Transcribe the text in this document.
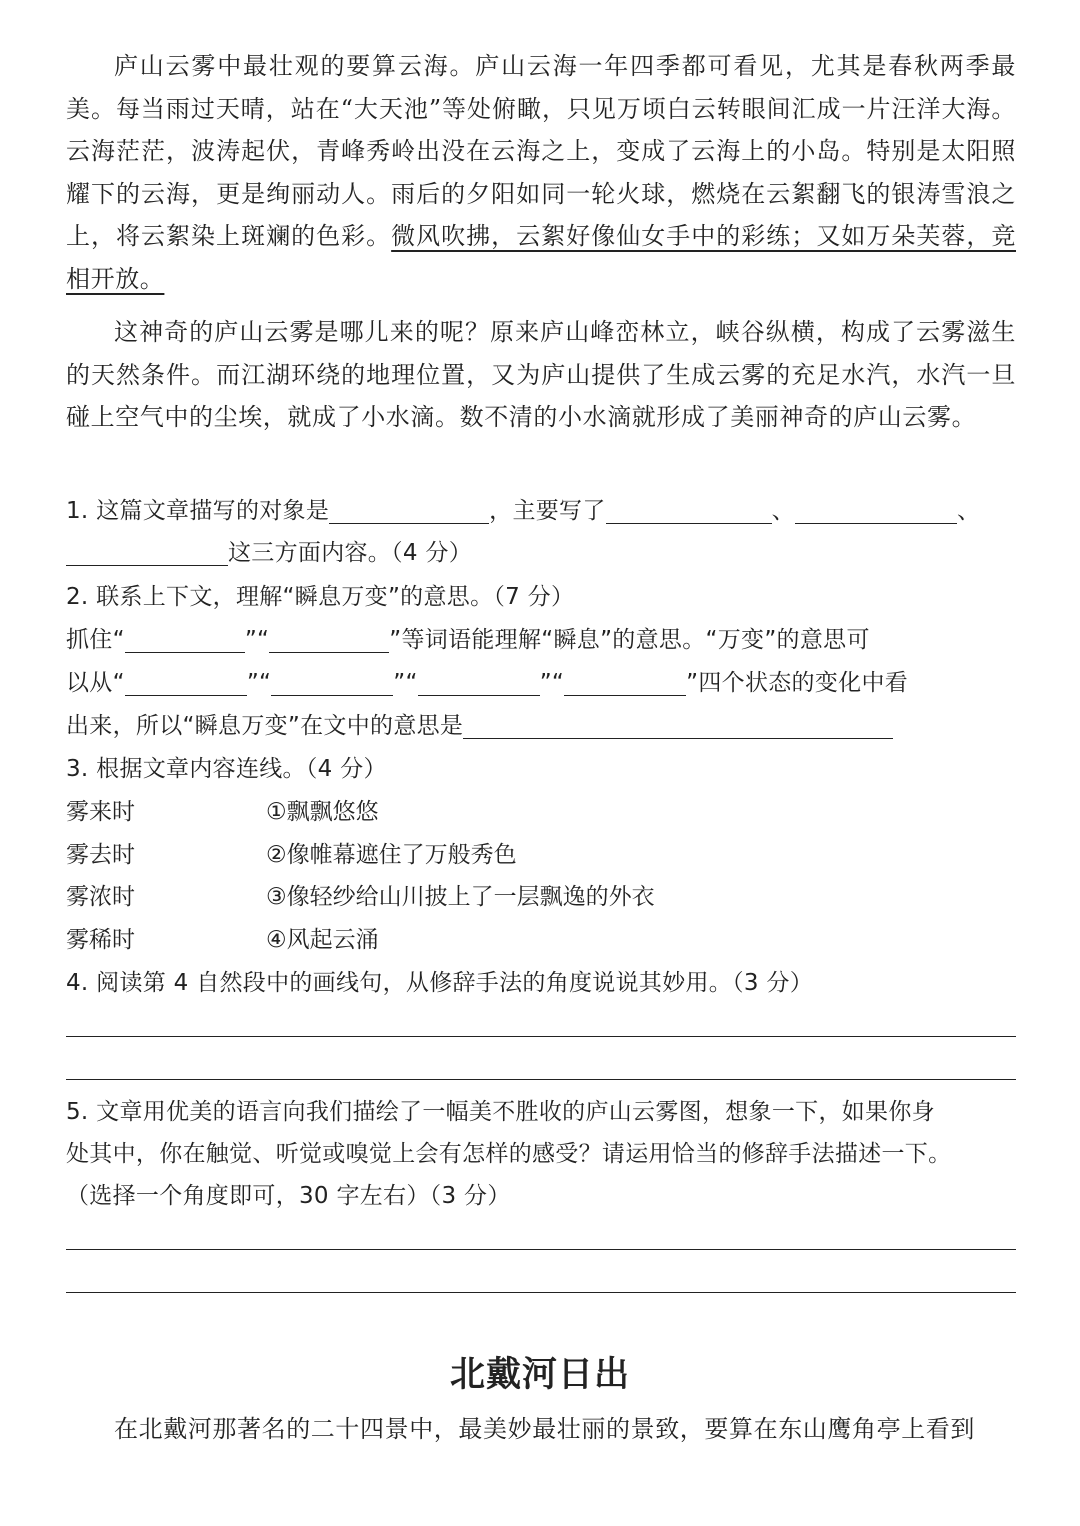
庐山云雾中最壮观的要算云海。庐山云海一年四季都可看见，尤其是春秋两季最美。每当雨过天晴，站在“大天池”等处俯瞰，只见万顷白云转眼间汇成一片汪洋大海。云海茫茫，波涛起伏，青峰秀岭出没在云海之上，变成了云海上的小岛。特别是太阳照耀下的云海，更是绚丽动人。雨后的夕阳如同一轮火球，燃烧在云絮翻飞的银涛雪浪之上，将云絮染上斑斓的色彩。微风吹拂，云絮好像仙女手中的彩练；又如万朵芙蓉，竞相开放。
这神奇的庐山云雾是哪儿来的呢？原来庐山峰峦林立，峡谷纵横，构成了云雾滋生的天然条件。而江湖环绕的地理位置，又为庐山提供了生成云雾的充足水汽，水汽一旦碰上空气中的尘埃，就成了小水滴。数不清的小水滴就形成了美丽神奇的庐山云雾。
1. 这篇文章描写的对象是	，主要写了	、	、
这三方面内容。（4 分）
2. 联系上下文，理解“瞬息万变”的意思。（7 分）
抓住“	”“	”等词语能理解“瞬息”的意思。“万变”的意思可
以从“	”“	”“	”“	”四个状态的变化中看
出来，所以“瞬息万变”在文中的意思是
3. 根据文章内容连线。（4 分）
雾来时	①飘飘悠悠
雾去时	②像帷幕遮住了万般秀色
雾浓时	③像轻纱给山川披上了一层飘逸的外衣
雾稀时	④风起云涌
4. 阅读第 4 自然段中的画线句，从修辞手法的角度说说其妙用。（3 分）
5. 文章用优美的语言向我们描绘了一幅美不胜收的庐山云雾图，想象一下，如果你身
处其中，你在触觉、听觉或嗅觉上会有怎样的感受？请运用恰当的修辞手法描述一下。
（选择一个角度即可，30 字左右）（3 分）
北戴河日出
在北戴河那著名的二十四景中，最美妙最壮丽的景致，要算在东山鹰角亭上看到
